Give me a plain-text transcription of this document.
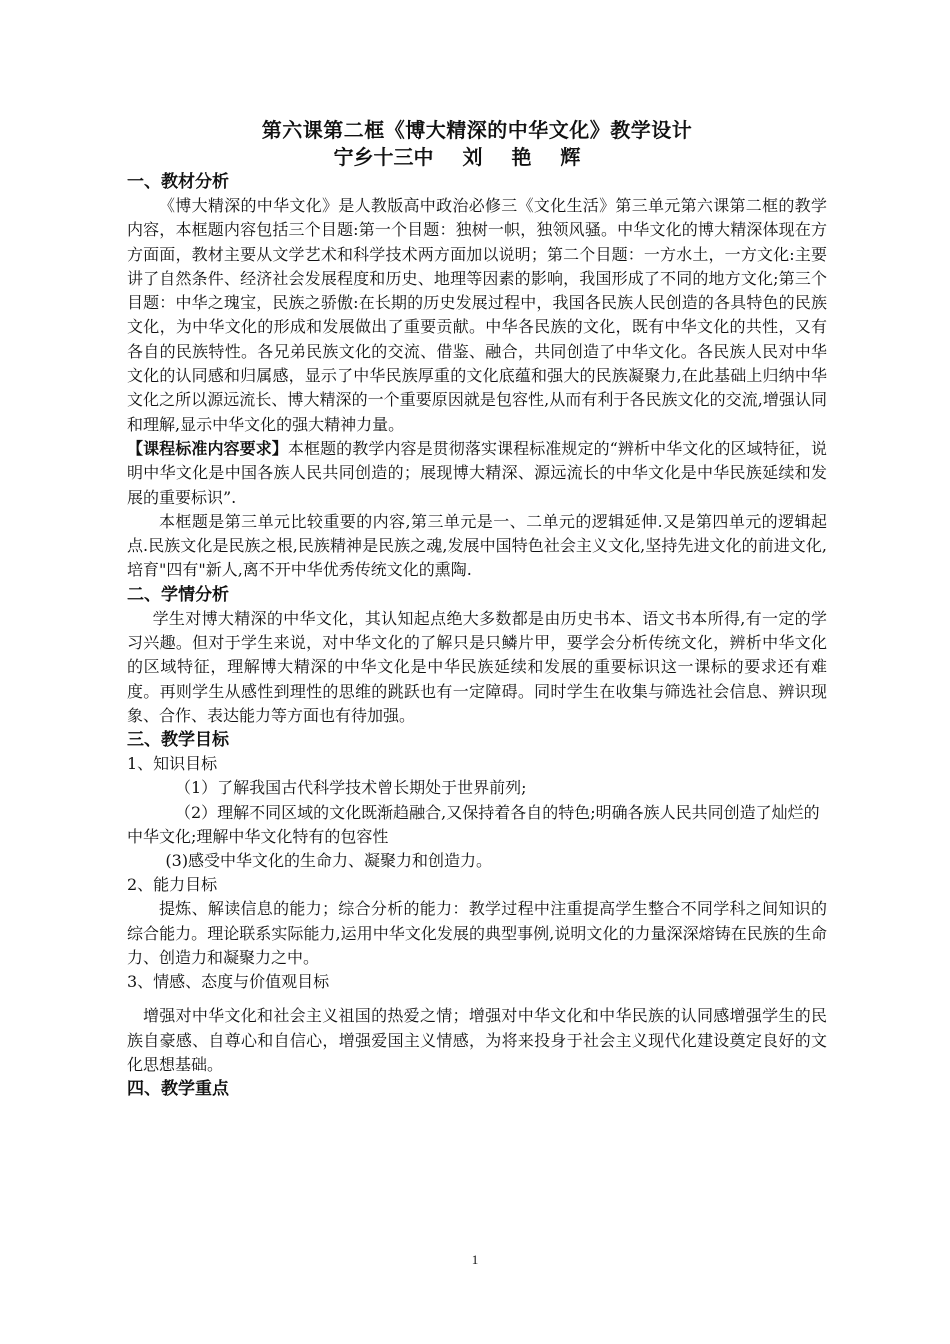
第六课第二框《博大精深的中华文化》教学设计
宁乡十三中 刘 艳 辉
一、教材分析

《博大精深的中华文化》是人教版高中政治必修三《文化生活》第三单元第六课第二框的教学内容，本框题内容包括三个目题:第一个目题：独树一帜，独领风骚。中华文化的博大精深体现在方方面面，教材主要从文学艺术和科学技术两方面加以说明；第二个目题：一方水土，一方文化:主要讲了自然条件、经济社会发展程度和历史、地理等因素的影响，我国形成了不同的地方文化;第三个目题：中华之瑰宝，民族之骄傲:在长期的历史发展过程中，我国各民族人民创造的各具特色的民族文化，为中华文化的形成和发展做出了重要贡献。中华各民族的文化，既有中华文化的共性，又有各自的民族特性。各兄弟民族文化的交流、借鉴、融合，共同创造了中华文化。各民族人民对中华文化的认同感和归属感，显示了中华民族厚重的文化底蕴和强大的民族凝聚力,在此基础上归纳中华文化之所以源远流长、博大精深的一个重要原因就是包容性,从而有利于各民族文化的交流,增强认同和理解,显示中华文化的强大精神力量。

【课程标准内容要求】本框题的教学内容是贯彻落实课程标准规定的“辨析中华文化的区域特征，说明中华文化是中国各族人民共同创造的；展现博大精深、源远流长的中华文化是中华民族延续和发展的重要标识”.

本框题是第三单元比较重要的内容,第三单元是一、二单元的逻辑延伸.又是第四单元的逻辑起点.民族文化是民族之根,民族精神是民族之魂,发展中国特色社会主义文化,坚持先进文化的前进文化,培育"四有"新人,离不开中华优秀传统文化的熏陶.

二、学情分析

学生对博大精深的中华文化，其认知起点绝大多数都是由历史书本、语文书本所得,有一定的学习兴趣。但对于学生来说，对中华文化的了解只是只鳞片甲，要学会分析传统文化，辨析中华文化的区域特征，理解博大精深的中华文化是中华民族延续和发展的重要标识这一课标的要求还有难度。再则学生从感性到理性的思维的跳跃也有一定障碍。同时学生在收集与筛选社会信息、辨识现象、合作、表达能力等方面也有待加强。

三、教学目标
1、知识目标

（1）了解我国古代科学技术曾长期处于世界前列;

（2）理解不同区域的文化既渐趋融合,又保持着各自的特色;明确各族人民共同创造了灿烂的中华文化;理解中华文化特有的包容性

(3)感受中华文化的生命力、凝聚力和创造力。

2、能力目标

提炼、解读信息的能力；综合分析的能力：教学过程中注重提高学生整合不同学科之间知识的综合能力。理论联系实际能力,运用中华文化发展的典型事例,说明文化的力量深深熔铸在民族的生命力、创造力和凝聚力之中。

3、情感、态度与价值观目标

增强对中华文化和社会主义祖国的热爱之情；增强对中华文化和中华民族的认同感增强学生的民族自豪感、自尊心和自信心，增强爱国主义情感，为将来投身于社会主义现代化建设奠定良好的文化思想基础。

四、教学重点
1
